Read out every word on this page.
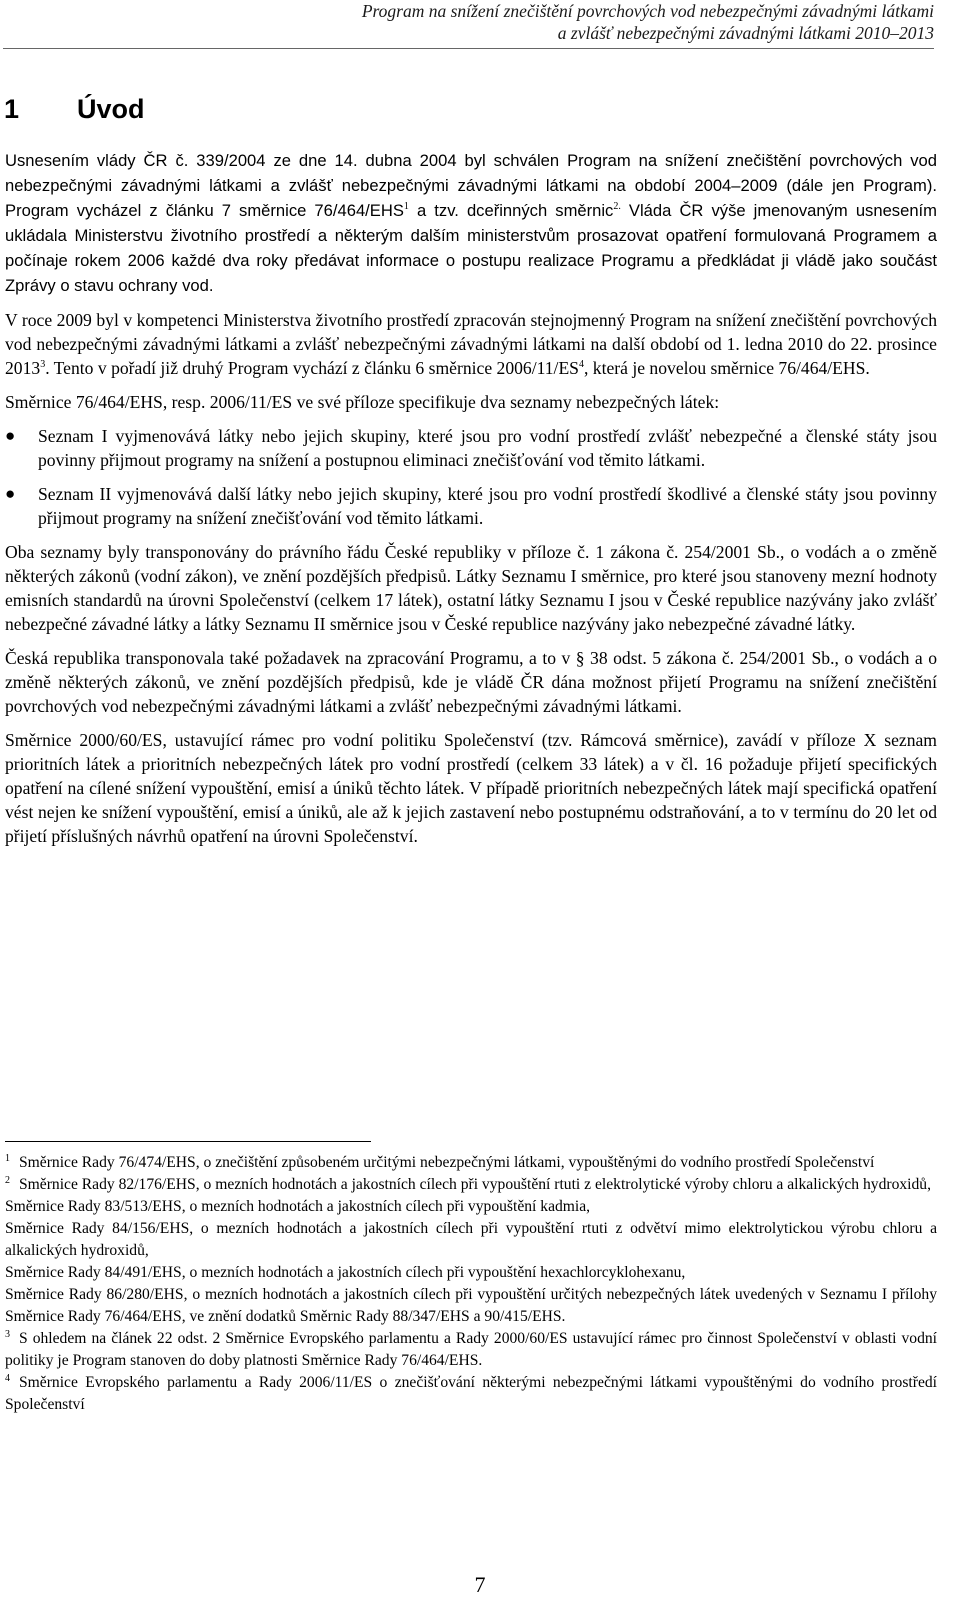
Program na snížení znečištění povrchových vod nebezpečnými závadnými látkami
a zvlášť nebezpečnými závadnými látkami 2010–2013
1 Úvod

Usnesením vlády ČR č. 339/2004 ze dne 14. dubna 2004 byl schválen Program na snížení znečištění povrchových vod nebezpečnými závadnými látkami a zvlášť nebezpečnými závadnými látkami na období 2004–2009 (dále jen Program). Program vycházel z článku 7 směrnice 76/464/EHS$^1$ a tzv. dceřinných směrnic$^{2.}$ Vláda ČR výše jmenovaným usnesením ukládala Ministerstvu životního prostředí a některým dalším ministerstvům prosazovat opatření formulovaná Programem a počínaje rokem 2006 každé dva roky předávat informace o postupu realizace Programu a předkládat ji vládě jako součást Zprávy o stavu ochrany vod.

V roce 2009 byl v kompetenci Ministerstva životního prostředí zpracován stejnojmenný Program na snížení znečištění povrchových vod nebezpečnými závadnými látkami a zvlášť nebezpečnými závadnými látkami na další období od 1. ledna 2010 do 22. prosince 2013$^3$. Tento v pořadí již druhý Program vychází z článku 6 směrnice $2006/11/ES^4$, která je novelou směrnice 76/464/EHS.

Směrnice 76/464/EHS, resp. 2006/11/ES ve své příloze specifikuje dva seznamy nebezpečných látek:

● Seznam I vyjmenovává látky nebo jejich skupiny, které jsou pro vodní prostředí zvlášť nebezpečné a členské státy jsou povinny přijmout programy na snížení a postupnou eliminaci znečišťování vod těmito látkami.
● Seznam II vyjmenovává další látky nebo jejich skupiny, které jsou pro vodní prostředí škodlivé a členské státy jsou povinny přijmout programy na snížení znečišťování vod těmito látkami.

Oba seznamy byly transponovány do právního řádu České republiky v příloze č. 1 zákona č. 254/2001 Sb., o vodách a o změně některých zákonů (vodní zákon), ve znění pozdějších předpisů. Látky Seznamu I směrnice, pro které jsou stanoveny mezní hodnoty emisních standardů na úrovni Společenství (celkem 17 látek), ostatní látky Seznamu I jsou v České republice nazývány jako zvlášť nebezpečné závadné látky a látky Seznamu II směrnice jsou v České republice nazývány jako nebezpečné závadné látky.

Česká republika transponovala také požadavek na zpracování Programu, a to v § 38 odst. 5 zákona č. 254/2001 Sb., o vodách a o změně některých zákonů, ve znění pozdějších předpisů, kde je vládě ČR dána možnost přijetí Programu na snížení znečištění povrchových vod nebezpečnými závadnými látkami a zvlášť nebezpečnými závadnými látkami.

Směrnice 2000/60/ES, ustavující rámec pro vodní politiku Společenství (tzv. Rámcová směrnice), zavádí v příloze X seznam prioritních látek a prioritních nebezpečných látek pro vodní prostředí (celkem 33 látek) a v čl. 16 požaduje přijetí specifických opatření na cílené snížení vypouštění, emisí a úniků těchto látek. V případě prioritních nebezpečných látek mají specifická opatření vést nejen ke snížení vypouštění, emisí a úniků, ale až k jejich zastavení nebo postupnému odstraňování, a to v termínu do 20 let od přijetí příslušných návrhů opatření na úrovni Společenství.

$^1$ Směrnice Rady 76/474/EHS, o znečištění způsobeném určitými nebezpečnými látkami, vypouštěnými do vodního prostředí Společenství

$^2$ Směrnice Rady 82/176/EHS, o mezních hodnotách a jakostních cílech při vypouštění rtuti z elektrolytické výroby chloru a alkalických hydroxidů,

Směrnice Rady 83/513/EHS, o mezních hodnotách a jakostních cílech při vypouštění kadmia,

Směrnice Rady 84/156/EHS, o mezních hodnotách a jakostních cílech při vypouštění rtuti z odvětví mimo elektrolytickou výrobu chloru a alkalických hydroxidů,

Směrnice Rady 84/491/EHS, o mezních hodnotách a jakostních cílech při vypouštění hexachlorcyklohexanu,

Směrnice Rady 86/280/EHS, o mezních hodnotách a jakostních cílech při vypouštění určitých nebezpečných látek uvedených v Seznamu I přílohy Směrnice Rady 76/464/EHS, ve znění dodatků Směrnic Rady 88/347/EHS a 90/415/EHS.

$^3$ S ohledem na článek 22 odst. 2 Směrnice Evropského parlamentu a Rady 2000/60/ES ustavující rámec pro činnost Společenství v oblasti vodní politiky je Program stanoven do doby platnosti Směrnice Rady 76/464/EHS.

$^4$ Směrnice Evropského parlamentu a Rady 2006/11/ES o znečišťování některými nebezpečnými látkami vypouštěnými do vodního prostředí Společenství

7
